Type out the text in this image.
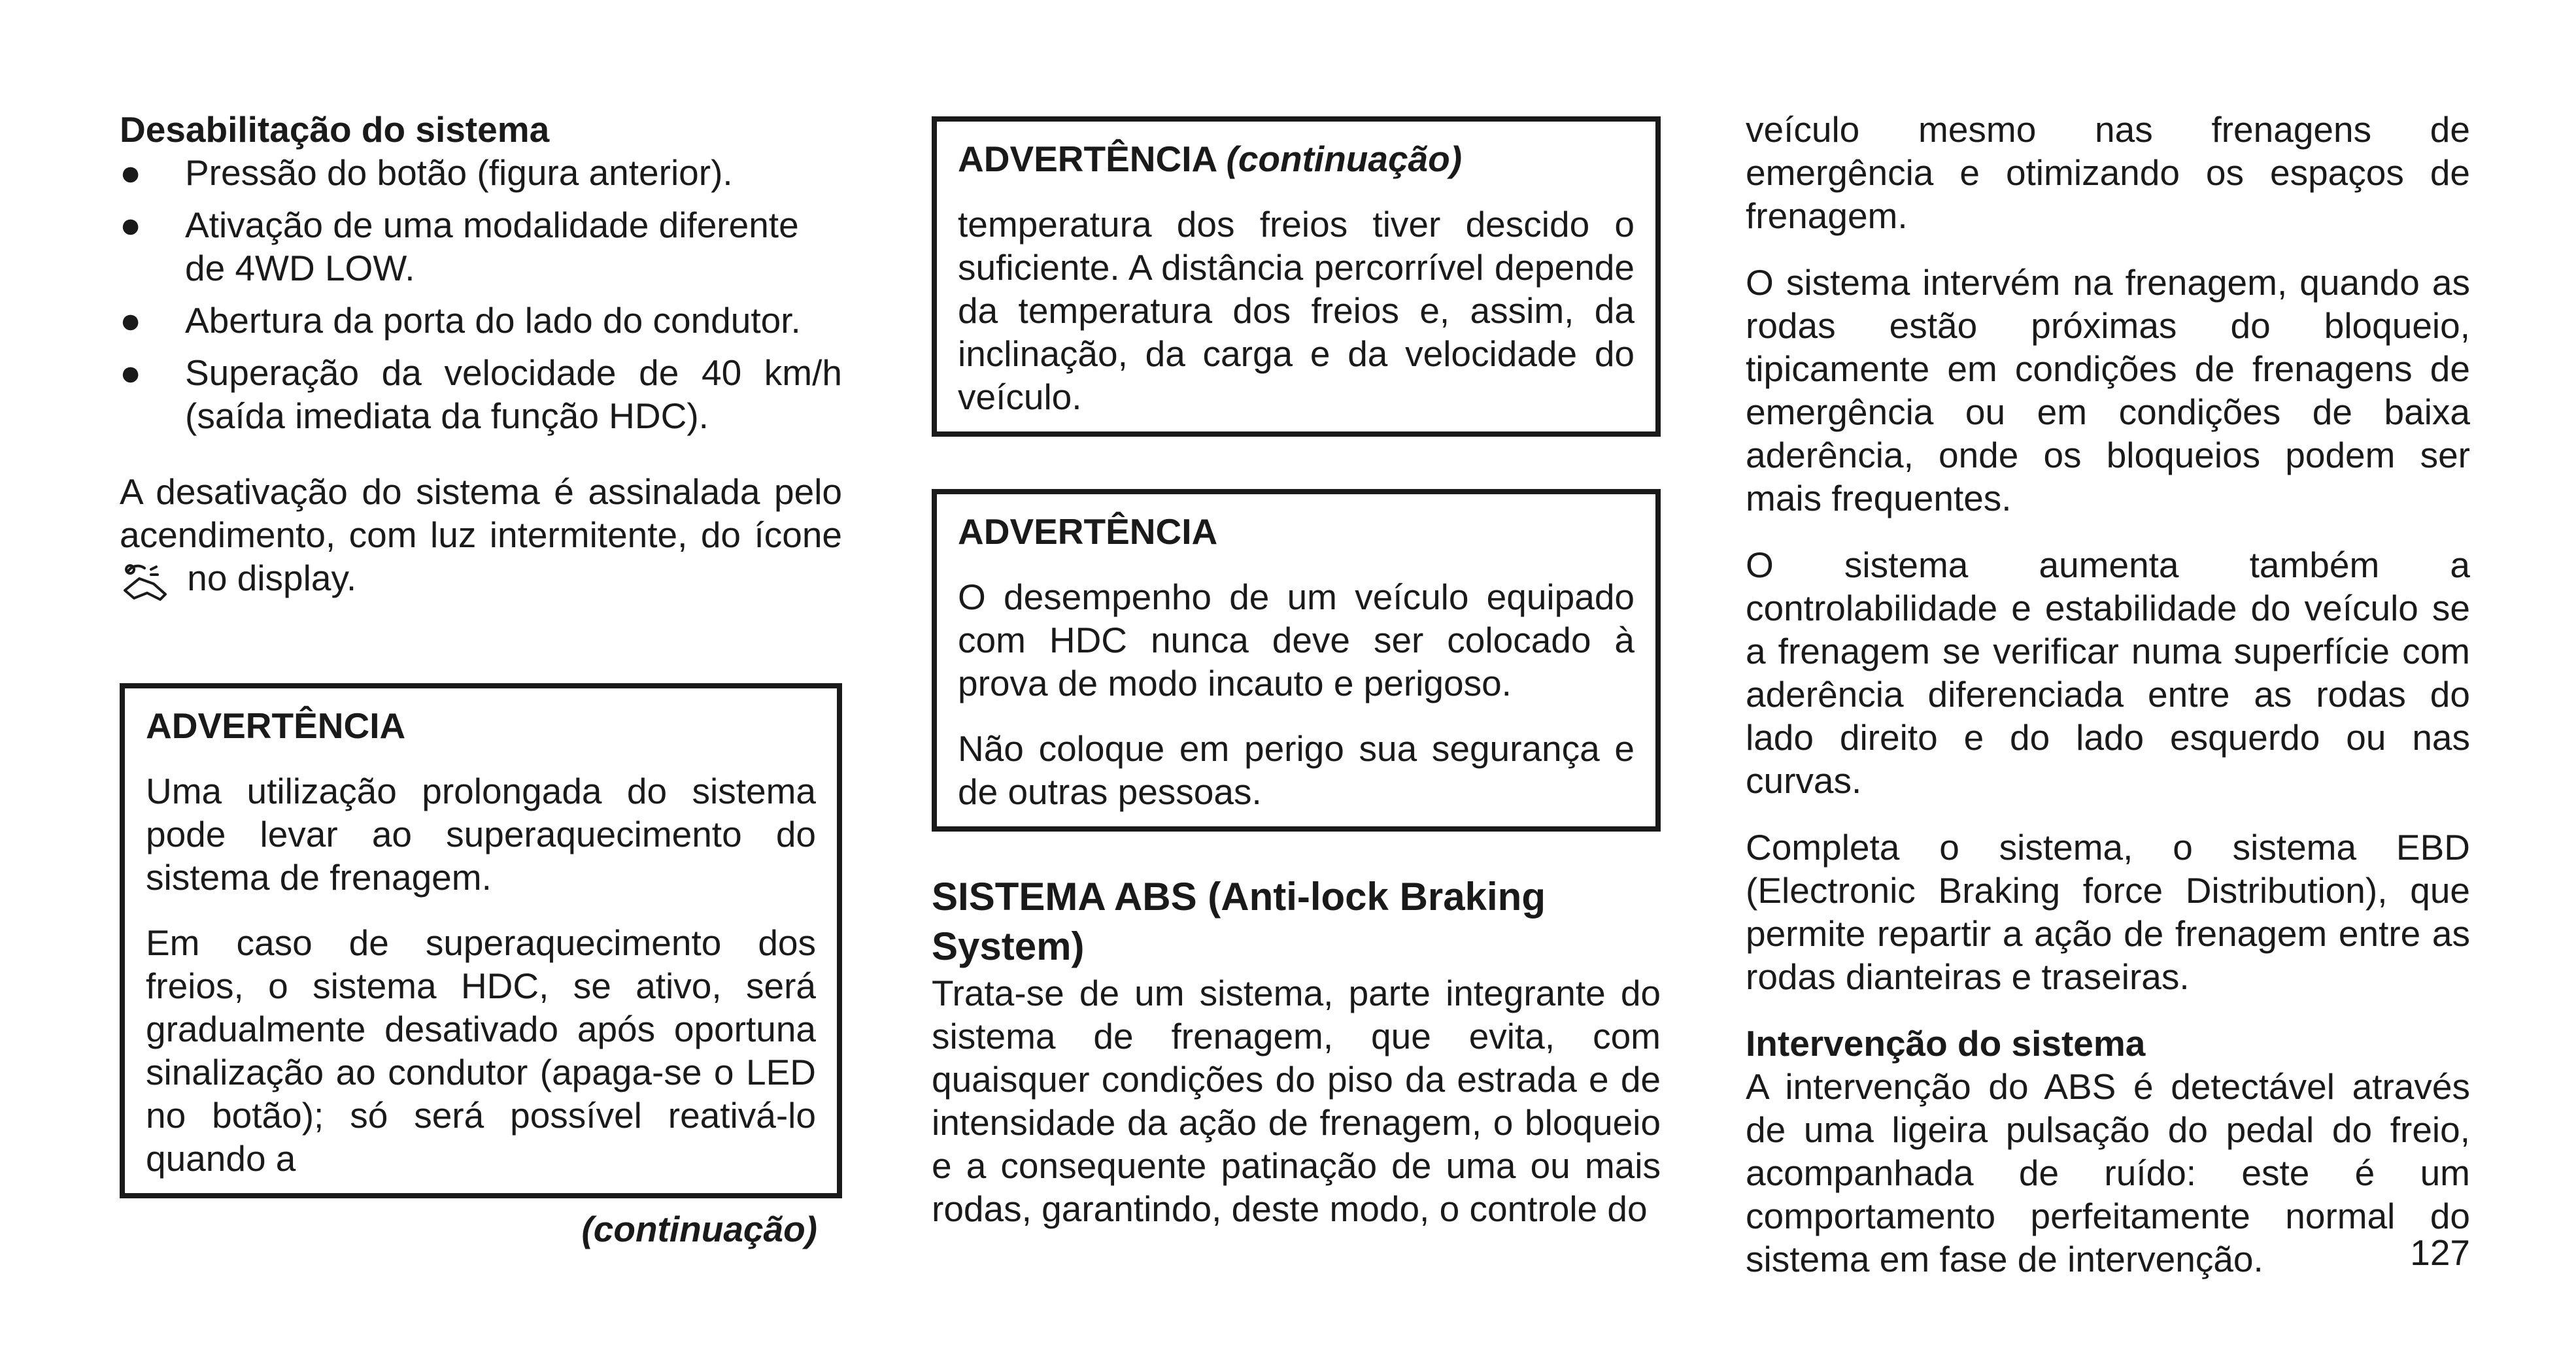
Desabilitação do sistema

● Pressão do botão (figura anterior).
● Ativação de uma modalidade diferente de 4WD LOW.
● Abertura da porta do lado do condutor.
● Superação da velocidade de 40 km/h (saída imediata da função HDC).

A desativação do sistema é assinalada pelo acendimento, com luz intermitente, do ícone  no display.

ADVERTÊNCIA

Uma utilização prolongada do sistema pode levar ao superaquecimento do sistema de frenagem.

Em caso de superaquecimento dos freios, o sistema HDC, se ativo, será gradualmente desativado após oportuna sinalização ao condutor (apaga-se o LED no botão); só será possível reativá-lo quando a

(continuação)

ADVERTÊNCIA (continuação)

temperatura dos freios tiver descido o suficiente. A distância percorrível depende da temperatura dos freios e, assim, da inclinação, da carga e da velocidade do veículo.

ADVERTÊNCIA

O desempenho de um veículo equipado com HDC nunca deve ser colocado à prova de modo incauto e perigoso.

Não coloque em perigo sua segurança e de outras pessoas.

SISTEMA ABS (Anti-lock Braking System)

Trata-se de um sistema, parte integrante do sistema de frenagem, que evita, com quaisquer condições do piso da estrada e de intensidade da ação de frenagem, o bloqueio e a consequente patinação de uma ou mais rodas, garantindo, deste modo, o controle do

veículo mesmo nas frenagens de emergência e otimizando os espaços de frenagem.

O sistema intervém na frenagem, quando as rodas estão próximas do bloqueio, tipicamente em condições de frenagens de emergência ou em condições de baixa aderência, onde os bloqueios podem ser mais frequentes.

O sistema aumenta também a controlabilidade e estabilidade do veículo se a frenagem se verificar numa superfície com aderência diferenciada entre as rodas do lado direito e do lado esquerdo ou nas curvas.

Completa o sistema, o sistema EBD (Electronic Braking force Distribution), que permite repartir a ação de frenagem entre as rodas dianteiras e traseiras.

Intervenção do sistema

A intervenção do ABS é detectável através de uma ligeira pulsação do pedal do freio, acompanhada de ruído: este é um comportamento perfeitamente normal do sistema em fase de intervenção.	127
